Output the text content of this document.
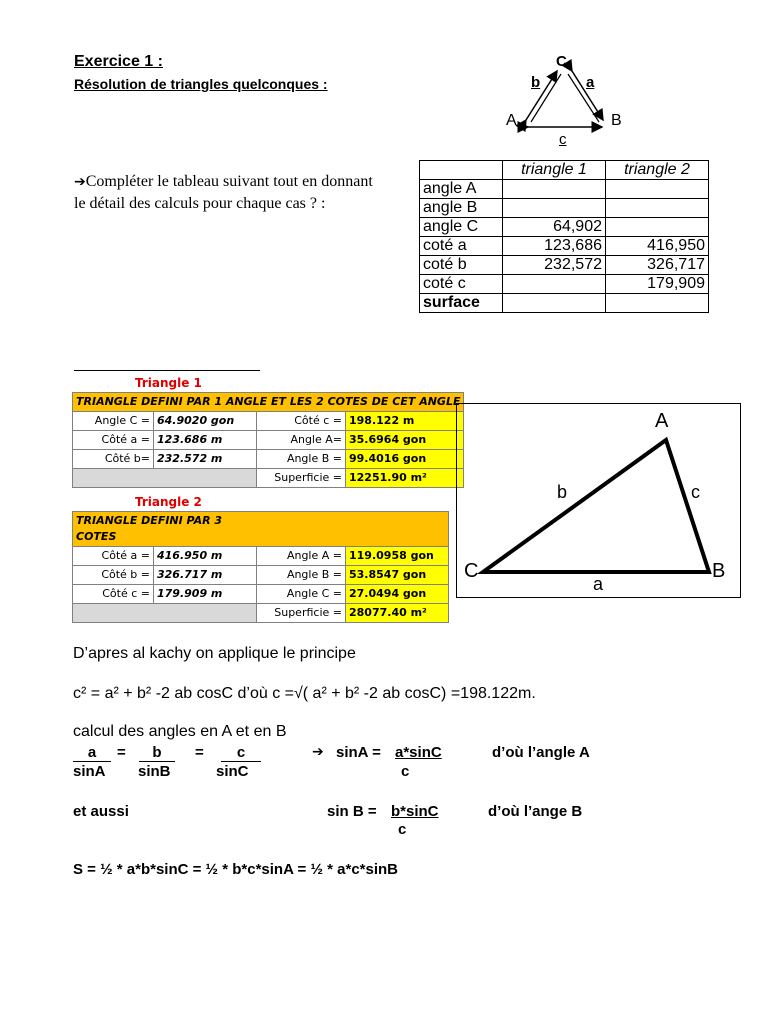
Exercice 1 :
Résolution de triangles quelconques :
C
b	a
A	B
c
➔Compléter le tableau suivant tout en donnant le détail des calculs pour chaque cas ? :
	triangle 1	triangle 2
angle A		
angle B		
angle C	64,902	
coté a	123,686	416,950
coté b	232,572	326,717
coté c		179,909
surface		
Triangle 1
TRIANGLE DEFINI PAR 1 ANGLE ET LES 2 COTES DE CET ANGLE			
Angle C =	64.9020 gon	Côté c =	198.122 m
Côté a =	123.686 m	Angle A=	35.6964 gon
Côté b=	232.572 m	Angle B =	99.4016 gon
		Superficie =	12251.90 m²
Triangle 2
TRIANGLE DEFINI PAR 3
COTES			

Côté a =	416.950 m	Angle A =	119.0958 gon
Côté b =	326.717 m	Angle B =	53.8547 gon
Côté c =	179.909 m	Angle C =	27.0494 gon
		Superficie =	28077.40 m²
A
B
C
b	c
a
D’apres al kachy on applique le principe
c² = a² + b² -2 ab cosC d’où c =√( a² + b² -2 ab cosC) =198.122m.
calcul des angles en A et en B
a
sinA
=	b
sinB
=	c
sinC
➔ sinA = a*sinC
c
d’où l’angle A
et aussi	sin B = b*sinC
c
d’où l’ange B
S = ½ * a*b*sinC = ½ * b*c*sinA = ½ * a*c*sinB
